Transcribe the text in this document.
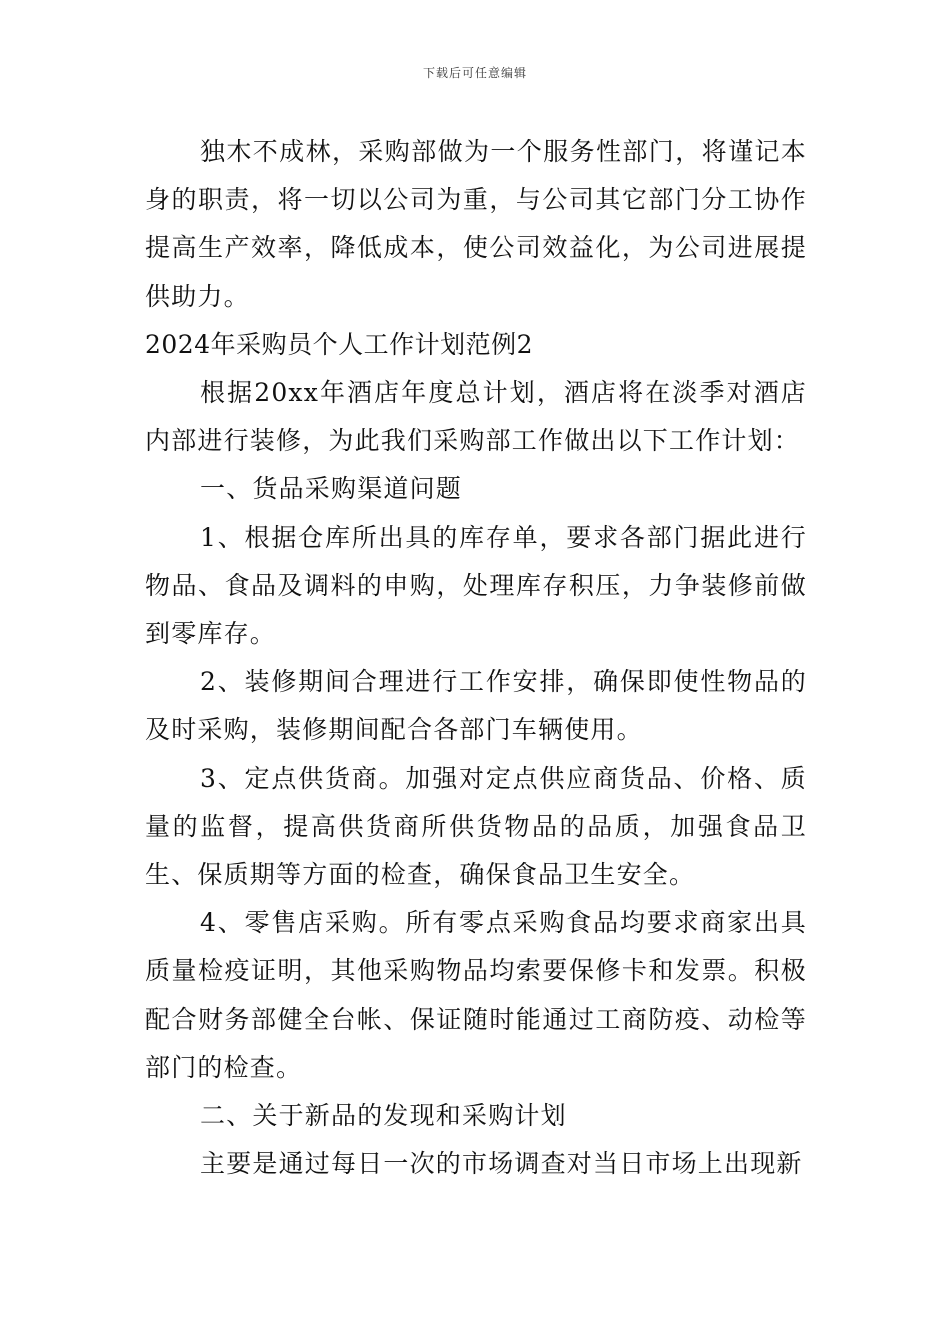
下载后可任意编辑

独木不成林，采购部做为一个服务性部门，将谨记本身的职责，将一切以公司为重，与公司其它部门分工协作提高生产效率，降低成本，使公司效益化，为公司进展提供助力。

2024年采购员个人工作计划范例2

根据20xx年酒店年度总计划，酒店将在淡季对酒店内部进行装修，为此我们采购部工作做出以下工作计划：

一、货品采购渠道问题

1、根据仓库所出具的库存单，要求各部门据此进行物品、食品及调料的申购，处理库存积压，力争装修前做到零库存。

2、装修期间合理进行工作安排，确保即使性物品的及时采购，装修期间配合各部门车辆使用。

3、定点供货商。加强对定点供应商货品、价格、质量的监督，提高供货商所供货物品的品质，加强食品卫生、保质期等方面的检查，确保食品卫生安全。

4、零售店采购。所有零点采购食品均要求商家出具质量检疫证明，其他采购物品均索要保修卡和发票。积极配合财务部健全台帐、保证随时能通过工商防疫、动检等部门的检查。

二、关于新品的发现和采购计划

主要是通过每日一次的市场调查对当日市场上出现新
